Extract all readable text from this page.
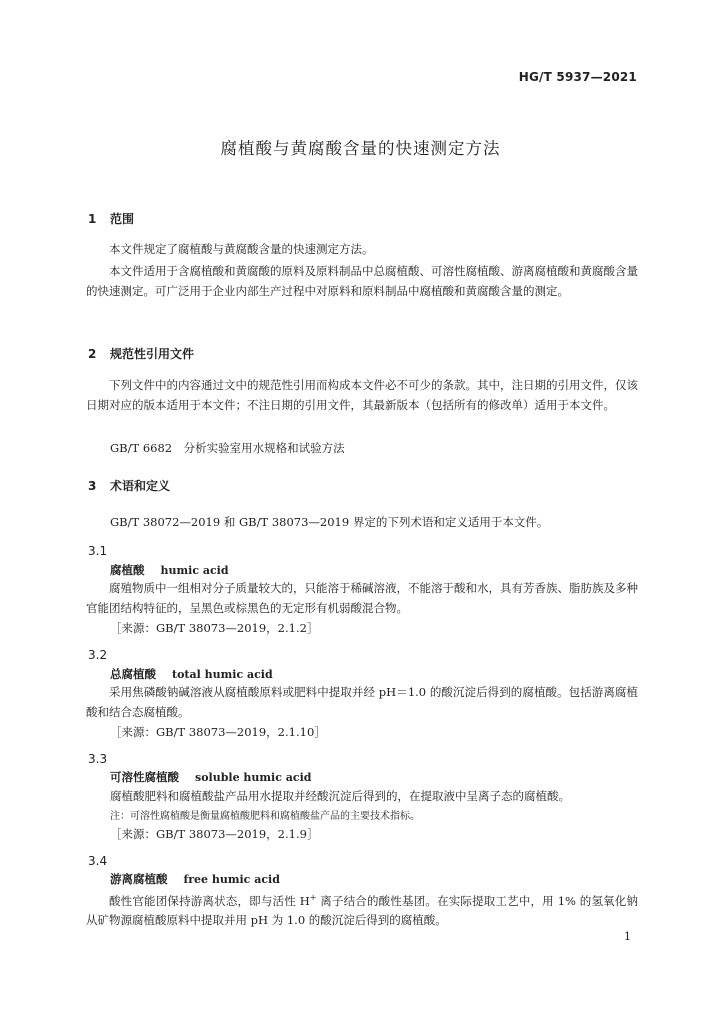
HG/T 5937—2021
腐植酸与黄腐酸含量的快速测定方法
1 范围
本文件规定了腐植酸与黄腐酸含量的快速测定方法。
本文件适用于含腐植酸和黄腐酸的原料及原料制品中总腐植酸、可溶性腐植酸、游离腐植酸和黄腐酸含量的快速测定。可广泛用于企业内部生产过程中对原料和原料制品中腐植酸和黄腐酸含量的测定。
2 规范性引用文件
下列文件中的内容通过文中的规范性引用而构成本文件必不可少的条款。其中，注日期的引用文件，仅该日期对应的版本适用于本文件；不注日期的引用文件，其最新版本（包括所有的修改单）适用于本文件。
GB/T 6682　分析实验室用水规格和试验方法
3 术语和定义
GB/T 38072—2019 和 GB/T 38073—2019 界定的下列术语和定义适用于本文件。
3.1
腐植酸 humic acid
腐殖物质中一组相对分子质量较大的，只能溶于稀碱溶液，不能溶于酸和水，具有芳香族、脂肪族及多种官能团结构特征的，呈黑色或棕黑色的无定形有机弱酸混合物。
［来源：GB/T 38073—2019，2.1.2］
3.2
总腐植酸 total humic acid
采用焦磷酸钠碱溶液从腐植酸原料或肥料中提取并经 pH＝1.0 的酸沉淀后得到的腐植酸。包括游离腐植酸和结合态腐植酸。
［来源：GB/T 38073—2019，2.1.10］
3.3
可溶性腐植酸 soluble humic acid
腐植酸肥料和腐植酸盐产品用水提取并经酸沉淀后得到的，在提取液中呈离子态的腐植酸。
注：可溶性腐植酸是衡量腐植酸肥料和腐植酸盐产品的主要技术指标。
［来源：GB/T 38073—2019，2.1.9］
3.4
游离腐植酸 free humic acid
酸性官能团保持游离状态，即与活性 H+ 离子结合的酸性基团。在实际提取工艺中，用 1% 的氢氧化钠从矿物源腐植酸原料中提取并用 pH 为 1.0 的酸沉淀后得到的腐植酸。
1
